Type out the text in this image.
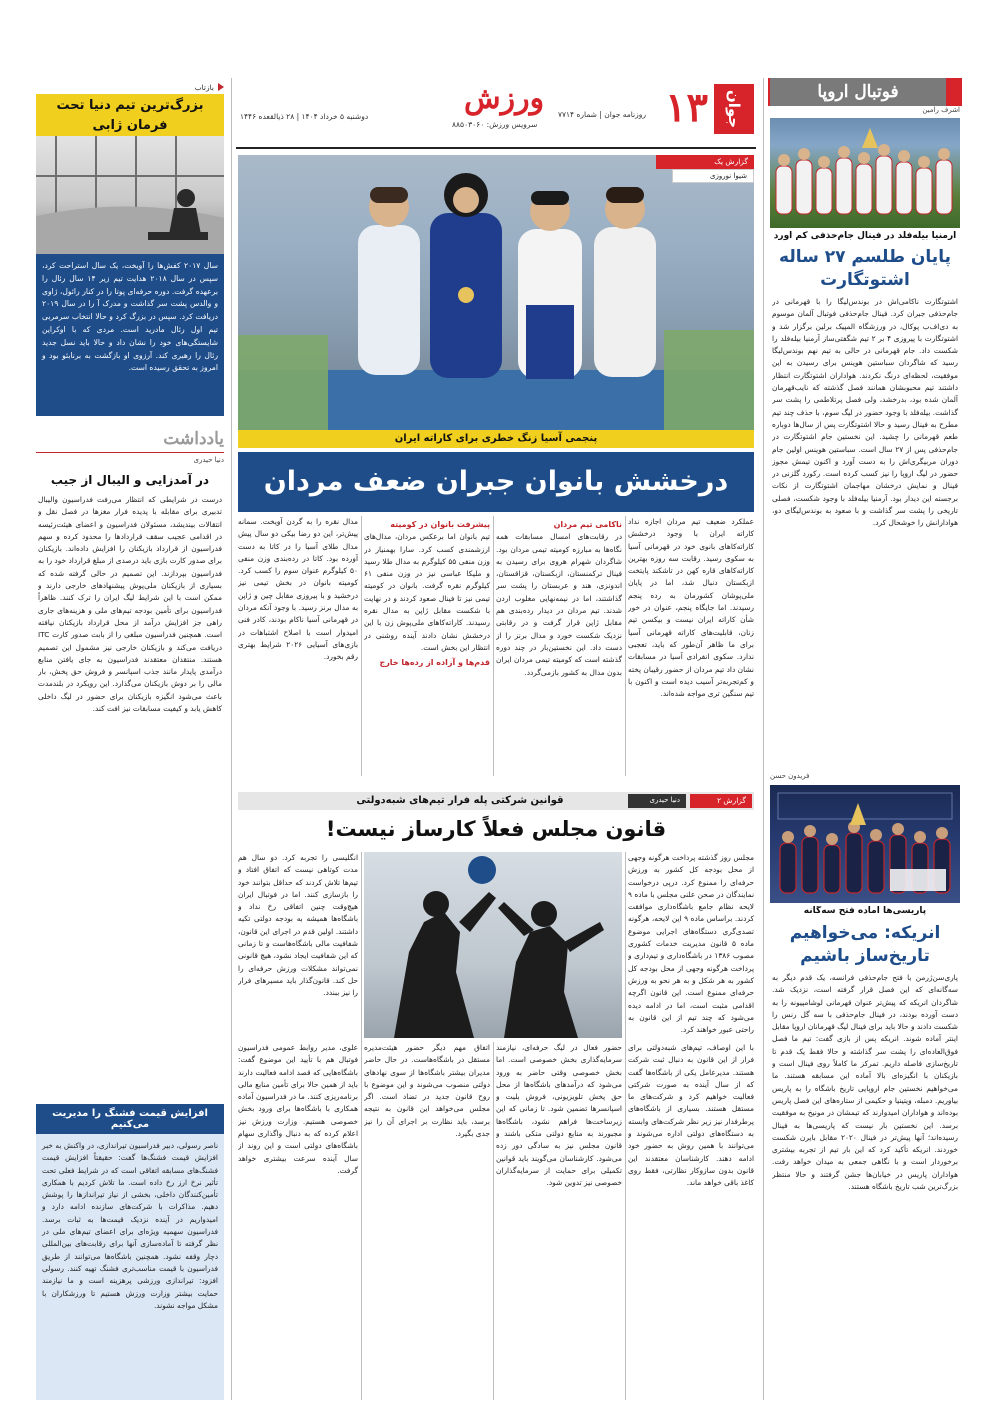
جوان
١٣
روزنامه جوان | شماره ۷۷۱۴
ورزش
سرویس ورزش: ۸۸۵۰۳۰۶۰
دوشنبه ۵ خرداد ۱۴۰۴ | ۲۸ ذیالقعده ۱۴۴۶
فوتبال اروپا
اشرف رامین
آرمنیا بیله‌فلد در فینال جام‌حذفی کم آورد
پایان طلسم ۲۷ ساله اشتوتگارت
اشتوتگارت ناکامی‌اش در بوندس‌لیگا را با قهرمانی در جام‌حذفی جبران کرد. فینال جام‌حذفی فوتبال آلمان موسوم به دی‌اف‌ب پوکال، در ورزشگاه المپیک برلین برگزار شد و اشتوتگارت با پیروزی ۴ بر ۲ تیم شگفتی‌ساز آرمنیا بیله‌فلد را شکست داد. جام قهرمانی در حالی به تیم نهم بوندس‌لیگا رسید که شاگردان سباستین هوینس برای رسیدن به این موفقیت، لحظه‌ای درنگ نکردند. هواداران اشتوتگارت انتظار داشتند تیم محبوبشان همانند فصل گذشته که نایب‌قهرمان آلمان شده بود، بدرخشد، ولی فصل پرتلاطمی را پشت سر گذاشت. بیله‌فلد با وجود حضور در لیگ سوم، با حذف چند تیم مطرح به فینال رسید و حالا اشتوتگارت پس از سال‌ها دوباره طعم قهرمانی را چشید. این نخستین جام اشتوتگارت در جام‌حذفی پس از ۲۷ سال است. سباستین هوینس اولین جام دوران مربیگری‌اش را به دست آورد و اکنون تیمش مجوز حضور در لیگ اروپا را نیز کسب کرده است. رکورد گلزنی در فینال و نمایش درخشان مهاجمان اشتوتگارت از نکات برجسته این دیدار بود. آرمنیا بیله‌فلد با وجود شکست، فصلی تاریخی را پشت سر گذاشت و با صعود به بوندس‌لیگای دو، هوادارانش را خوشحال کرد.
فریدون حسن
پاریسی‌ها آماده فتح سه‌گانه
انریکه: می‌خواهیم تاریخ‌ساز باشیم
پاری‌سن‌ژرمن با فتح جام‌حذفی فرانسه، یک قدم دیگر به سه‌گانه‌ای که این فصل قرار گرفته است، نزدیک شد. شاگردان انریکه که پیش‌تر عنوان قهرمانی لوشامپیونه را به دست آورده بودند، در فینال جام‌حذفی با سه گل رنس را شکست دادند و حالا باید برای فینال لیگ قهرمانان اروپا مقابل اینتر آماده شوند. انریکه پس از بازی گفت: تیم ما فصل فوق‌العاده‌ای را پشت سر گذاشته و حالا فقط یک قدم تا تاریخ‌سازی فاصله داریم. تمرکز ما کاملاً روی فینال است و بازیکنان با انگیزه‌ای بالا آماده این مسابقه هستند. ما می‌خواهیم نخستین جام اروپایی تاریخ باشگاه را به پاریس بیاوریم. دمبله، ویتینیا و حکیمی از ستاره‌های این فصل پاریس بوده‌اند و هواداران امیدوارند که تیمشان در مونیخ به موفقیت برسد. این نخستین بار نیست که پاریسی‌ها به فینال رسیده‌اند؛ آنها پیش‌تر در فینال ۲۰۲۰ مقابل بایرن شکست خوردند. انریکه تأکید کرد که این بار تیم از تجربه بیشتری برخوردار است و با نگاهی جمعی به میدان خواهد رفت. هواداران پاریس در خیابان‌ها جشن گرفتند و حالا منتظر بزرگ‌ترین شب تاریخ باشگاه هستند.
گزارش یک
شیوا نوروزی
پنجمی آسیا زنگ خطری برای کاراته ایران
درخشش بانوان جبران ضعف مردان

عملکرد ضعیف تیم مردان اجازه نداد کاراته ایران با وجود درخشش کاراته‌کاهای بانوی خود در قهرمانی آسیا به سکوی رسید. رقابت سه روزه بهترین کاراته‌کاهای قاره کهن در تاشکند پایتخت ازبکستان دنبال شد، اما در پایان ملی‌پوشان کشورمان به رده پنجم رسیدند. اما جایگاه پنجم، عنوان در خور شأن کاراته ایران نیست و بیکسن تیم زنان، قابلیت‌های کاراته قهرمانی آسیا برای ما ظاهر آن‌طور که باید، تعجبی ندارد. سکوی انفرادی آسیا در مسابقات نشان داد تیم مردان از حضور رقیبان پخته و کم‌تجربه‌تر آسیب دیده است و اکنون با تیم سنگین تری مواجه شده‌اند.

ناکامی تیم مردان

در رقابت‌های امسال مسابقات همه نگاه‌ها به مبارزه کومیته تیمی مردان بود. شاگردان شهرام هروی برای رسیدن به فینال ترکمنستان، ازبکستان، قزاقستان، اندونزی، هند و عربستان را پشت سر گذاشتند، اما در نیمه‌نهایی مغلوب اردن شدند. تیم مردان در دیدار رده‌بندی هم مقابل ژاپن قرار گرفت و در رقابتی نزدیک شکست خورد و مدال برنز را از دست داد. این نخستین‌بار در چند دوره گذشته است که کومیته تیمی مردان ایران بدون مدال به کشور بازمی‌گردد.

پیشرفت بانوان در کومیته

تیم بانوان اما برعکس مردان، مدال‌های ارزشمندی کسب کرد. سارا بهمنیار در وزن منفی ۵۵ کیلوگرم به مدال طلا رسید و ملیکا عباسی نیز در وزن منفی ۶۱ کیلوگرم نقره گرفت. بانوان در کومیته تیمی نیز تا فینال صعود کردند و در نهایت با شکست مقابل ژاپن به مدال نقره رسیدند. کاراته‌کاهای ملی‌پوش زن با این درخشش نشان دادند آینده روشنی در انتظار این بخش است.

قدم‌ها و آزاده از رده‌ها خارج

مدال نقره را به گردن آویخت. سمانه پیش‌تر، این دو رضا بیکی دو سال پیش مدال طلای آسیا را در کاتا به دست آورده بود. کاتا در رده‌بندی وزن منفی ۵۰ کیلوگرم عنوان سوم را کسب کرد. کومیته بانوان در بخش تیمی نیز درخشید و با پیروزی مقابل چین و ژاپن به مدال برنز رسید. با وجود آنکه مردان در قهرمانی آسیا ناکام بودند، کادر فنی امیدوار است با اصلاح اشتباهات در بازی‌های آسیایی ۲۰۲۶ شرایط بهتری رقم بخورد.

گزارش ۲
دنیا حیدری
قوانین شرکتی پله فرار تیم‌های شبه‌دولتی
قانون مجلس فعلاً کارساز نیست!
مجلس روز گذشته پرداخت هرگونه وجهی از محل بودجه کل کشور به ورزش حرفه‌ای را ممنوع کرد. درپی درخواست نمایندگان در صحن علنی مجلس با ماده ۹ لایحه نظام جامع باشگاه‌داری موافقت کردند. براساس ماده ۹ این لایحه، هرگونه تصدی‌گری دستگاه‌های اجرایی موضوع ماده ۵ قانون مدیریت خدمات کشوری مصوب ۱۳۸۶ در باشگاه‌داری و تیم‌داری و پرداخت هرگونه وجهی از محل بودجه کل کشور به هر شکل و به هر نحو به ورزش حرفه‌ای ممنوع است. این قانون اگرچه اقدامی مثبت است، اما در ادامه دیده می‌شود که چند تیم از این قانون به راحتی عبور خواهند کرد.
انگلیسی را تجربه کرد. دو سال هم مدت کوتاهی نیست که اتفاق افتاد و تیم‌ها تلاش کردند که حداقل بتوانند خود را بازسازی کنند. اما در فوتبال ایران هیچ‌وقت چنین اتفاقی رخ نداد و باشگاه‌ها همیشه به بودجه دولتی تکیه داشتند. اولین قدم در اجرای این قانون، شفافیت مالی باشگاه‌هاست و تا زمانی که این شفافیت ایجاد نشود، هیچ قانونی نمی‌تواند مشکلات ورزش حرفه‌ای را حل کند. قانون‌گذار باید مسیرهای فرار را نیز ببندد.
با این اوصاف، تیم‌های شبه‌دولتی برای فرار از این قانون به دنبال ثبت شرکت هستند. مدیرعامل یکی از باشگاه‌ها گفت که از سال آینده به صورت شرکتی فعالیت خواهیم کرد و شرکت‌های ما مستقل هستند. بسیاری از باشگاه‌های پرطرفدار نیز زیر نظر شرکت‌های وابسته به دستگاه‌های دولتی اداره می‌شوند و می‌توانند با همین روش به حضور خود ادامه دهند. کارشناسان معتقدند این قانون بدون سازوکار نظارتی، فقط روی کاغذ باقی خواهد ماند.
حضور فعال در لیگ حرفه‌ای، نیازمند سرمایه‌گذاری بخش خصوصی است. اما بخش خصوصی وقتی حاضر به ورود می‌شود که درآمدهای باشگاه‌ها از محل حق پخش تلویزیونی، فروش بلیت و اسپانسرها تضمین شود. تا زمانی که این زیرساخت‌ها فراهم نشود، باشگاه‌ها مجبورند به منابع دولتی متکی باشند و قانون مجلس نیز به سادگی دور زده می‌شود. کارشناسان می‌گویند باید قوانین تکمیلی برای حمایت از سرمایه‌گذاران خصوصی نیز تدوین شود.
اتفاق مهم دیگر حضور هیئت‌مدیره مستقل در باشگاه‌هاست. در حال حاضر مدیران بیشتر باشگاه‌ها از سوی نهادهای دولتی منصوب می‌شوند و این موضوع با روح قانون جدید در تضاد است. اگر مجلس می‌خواهد این قانون به نتیجه برسد، باید نظارت بر اجرای آن را نیز جدی بگیرد.
علوی، مدیر روابط عمومی فدراسیون فوتبال هم با تأیید این موضوع گفت: باشگاه‌هایی که قصد ادامه فعالیت دارند باید از همین حالا برای تأمین منابع مالی برنامه‌ریزی کنند. ما در فدراسیون آماده همکاری با باشگاه‌ها برای ورود بخش خصوصی هستیم. وزارت ورزش نیز اعلام کرده که به دنبال واگذاری سهام باشگاه‌های دولتی است و این روند از سال آینده سرعت بیشتری خواهد گرفت.
بازتاب
بزرگ‌ترین تیم دنیا تحت فرمان ژابی
سال ۲۰۱۷ کفش‌ها را آویخت، یک سال استراحت کرد، سپس در سال ۲۰۱۸ هدایت تیم زیر ۱۴ سال رئال را برعهده گرفت. دوره حرفه‌ای پوتا را در کنار رائول، ژاوی و والدس پشت سر گذاشت و مدرک آ را در سال ۲۰۱۹ دریافت کرد. سپس در بزرگ کرد و حالا انتخاب سرمربی تیم اول رئال مادرید است. مردی که با اوکراین شایستگی‌های خود را نشان داد و حالا باید نسل جدید رئال را رهبری کند. آرزوی او بازگشت به برنابئو بود و امروز به تحقق رسیده است.
یادداشت
دنیا حیدری
در آمدزایی و الیبال از جیب
درست در شرایطی که انتظار می‌رفت فدراسیون والیبال تدبیری برای مقابله با پدیده فرار مغزها در فصل نقل و انتقالات بیندیشد، مسئولان فدراسیون و اعضای هیئت‌رئیسه در اقدامی عجیب سقف قراردادها را محدود کرده و سهم فدراسیون از قرارداد بازیکنان را افزایش داده‌اند. بازیکنان برای صدور کارت بازی باید درصدی از مبلغ قرارداد خود را به فدراسیون بپردازند. این تصمیم در حالی گرفته شده که بسیاری از بازیکنان ملی‌پوش پیشنهادهای خارجی دارند و ممکن است با این شرایط لیگ ایران را ترک کنند. ظاهراً فدراسیون برای تأمین بودجه تیم‌های ملی و هزینه‌های جاری راهی جز افزایش درآمد از محل قرارداد بازیکنان نیافته است. همچنین فدراسیون مبلغی را از بابت صدور کارت ITC دریافت می‌کند و بازیکنان خارجی نیز مشمول این تصمیم هستند. منتقدان معتقدند فدراسیون به جای یافتن منابع درآمدی پایدار مانند جذب اسپانسر و فروش حق پخش، بار مالی را بر دوش بازیکنان می‌گذارد. این رویکرد در بلندمدت باعث می‌شود انگیزه بازیکنان برای حضور در لیگ داخلی کاهش یابد و کیفیت مسابقات نیز افت کند.
افزایش قیمت فشنگ را مدیریت می‌کنیم
ناصر رسولی، دبیر فدراسیون تیراندازی، در واکنش به خبر افزایش قیمت فشنگ‌ها گفت: حقیقتاً افزایش قیمت فشنگ‌های مسابقه اتفاقی است که در شرایط فعلی تحت تأثیر نرخ ارز رخ داده است. ما تلاش کردیم با همکاری تأمین‌کنندگان داخلی، بخشی از نیاز تیرانداز‌ها را پوشش دهیم. مذاکرات با شرکت‌های سازنده ادامه دارد و امیدواریم در آینده نزدیک قیمت‌ها به ثبات برسد. فدراسیون سهمیه ویژه‌ای برای اعضای تیم‌های ملی در نظر گرفته تا آماده‌سازی آنها برای رقابت‌های بین‌المللی دچار وقفه نشود. همچنین باشگاه‌ها می‌توانند از طریق فدراسیون با قیمت مناسب‌تری فشنگ تهیه کنند. رسولی افزود: تیراندازی ورزشی پرهزینه است و ما نیازمند حمایت بیشتر وزارت ورزش هستیم تا ورزشکاران با مشکل مواجه نشوند.
